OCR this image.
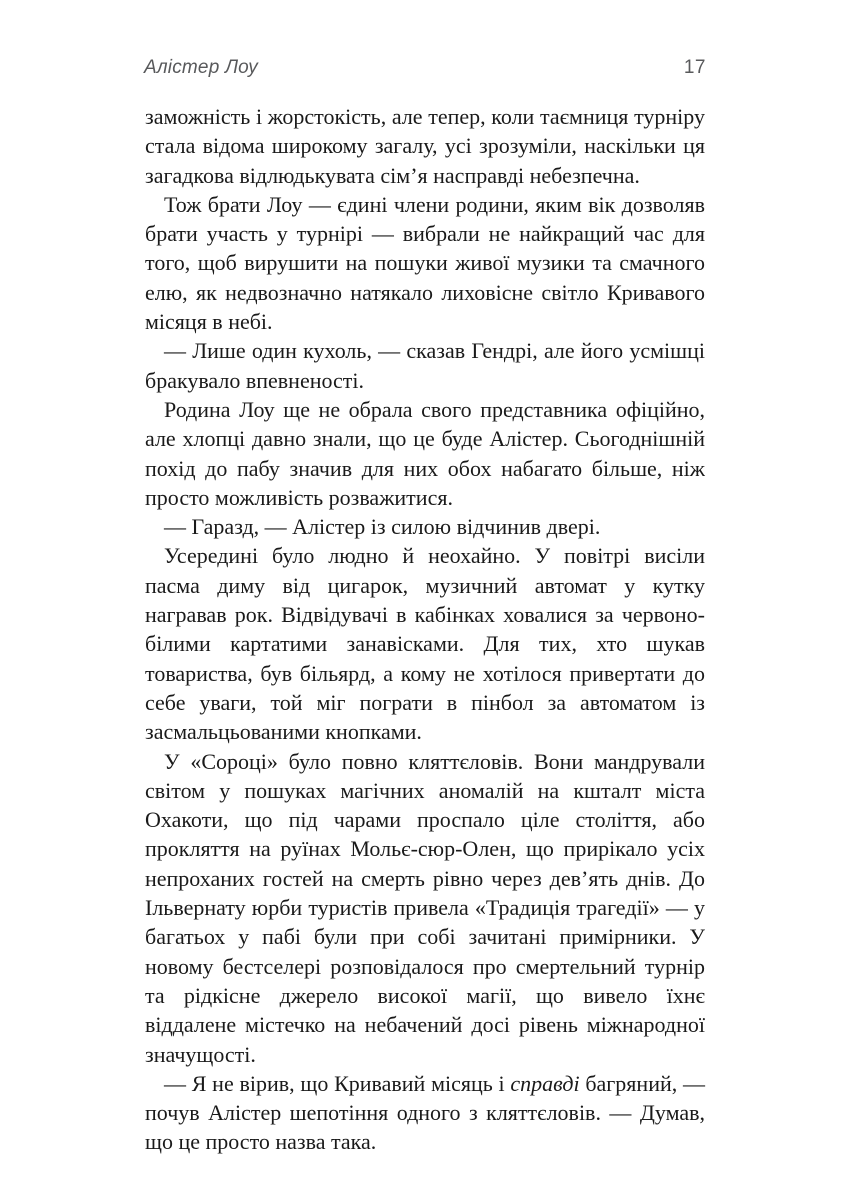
Алістер Лоу	17

заможність і жорстокість, але тепер, коли таємниця турніру стала відома широкому загалу, усі зрозуміли, наскільки ця загадкова відлюдькувата сім’я насправді небезпечна.

Тож брати Лоу — єдині члени родини, яким вік дозволяв брати участь у турнірі — вибрали не найкращий час для того, щоб вирушити на пошуки живої музики та смачного елю, як недвозначно натякало лиховісне світло Кривавого місяця в небі.

— Лише один кухоль, — сказав Гендрі, але його усмішці бракувало впевненості.

Родина Лоу ще не обрала свого представника офіційно, але хлопці давно знали, що це буде Алістер. Сьогоднішній похід до пабу значив для них обох набагато більше, ніж просто можливість розважитися.

— Гаразд, — Алістер із силою відчинив двері.

Усередині було людно й неохайно. У повітрі висіли пасма диму від цигарок, музичний автомат у кутку награвав рок. Відвідувачі в кабінках ховалися за червоно-білими картатими занавісками. Для тих, хто шукав товариства, був більярд, а кому не хотілося привертати до себе уваги, той міг пограти в пінбол за автоматом із засмальцьованими кнопками.

У «Сороці» було повно кляттєловів. Вони мандрували світом у пошуках магічних аномалій на кшталт міста Охакоти, що під чарами проспало ціле століття, або прокляття на руїнах Мольє-сюр-Олен, що прирікало усіх непроханих гостей на смерть рівно через дев’ять днів. До Ільвернату юрби туристів привела «Традиція трагедії» — у багатьох у пабі були при собі зачитані примірники. У новому бестселері розповідалося про смертельний турнір та рідкісне джерело високої магії, що вивело їхнє віддалене містечко на небачений досі рівень міжнародної значущості.

— Я не вірив, що Кривавий місяць і справді багряний, — почув Алістер шепотіння одного з кляттєловів. — Думав, що це просто назва така.
